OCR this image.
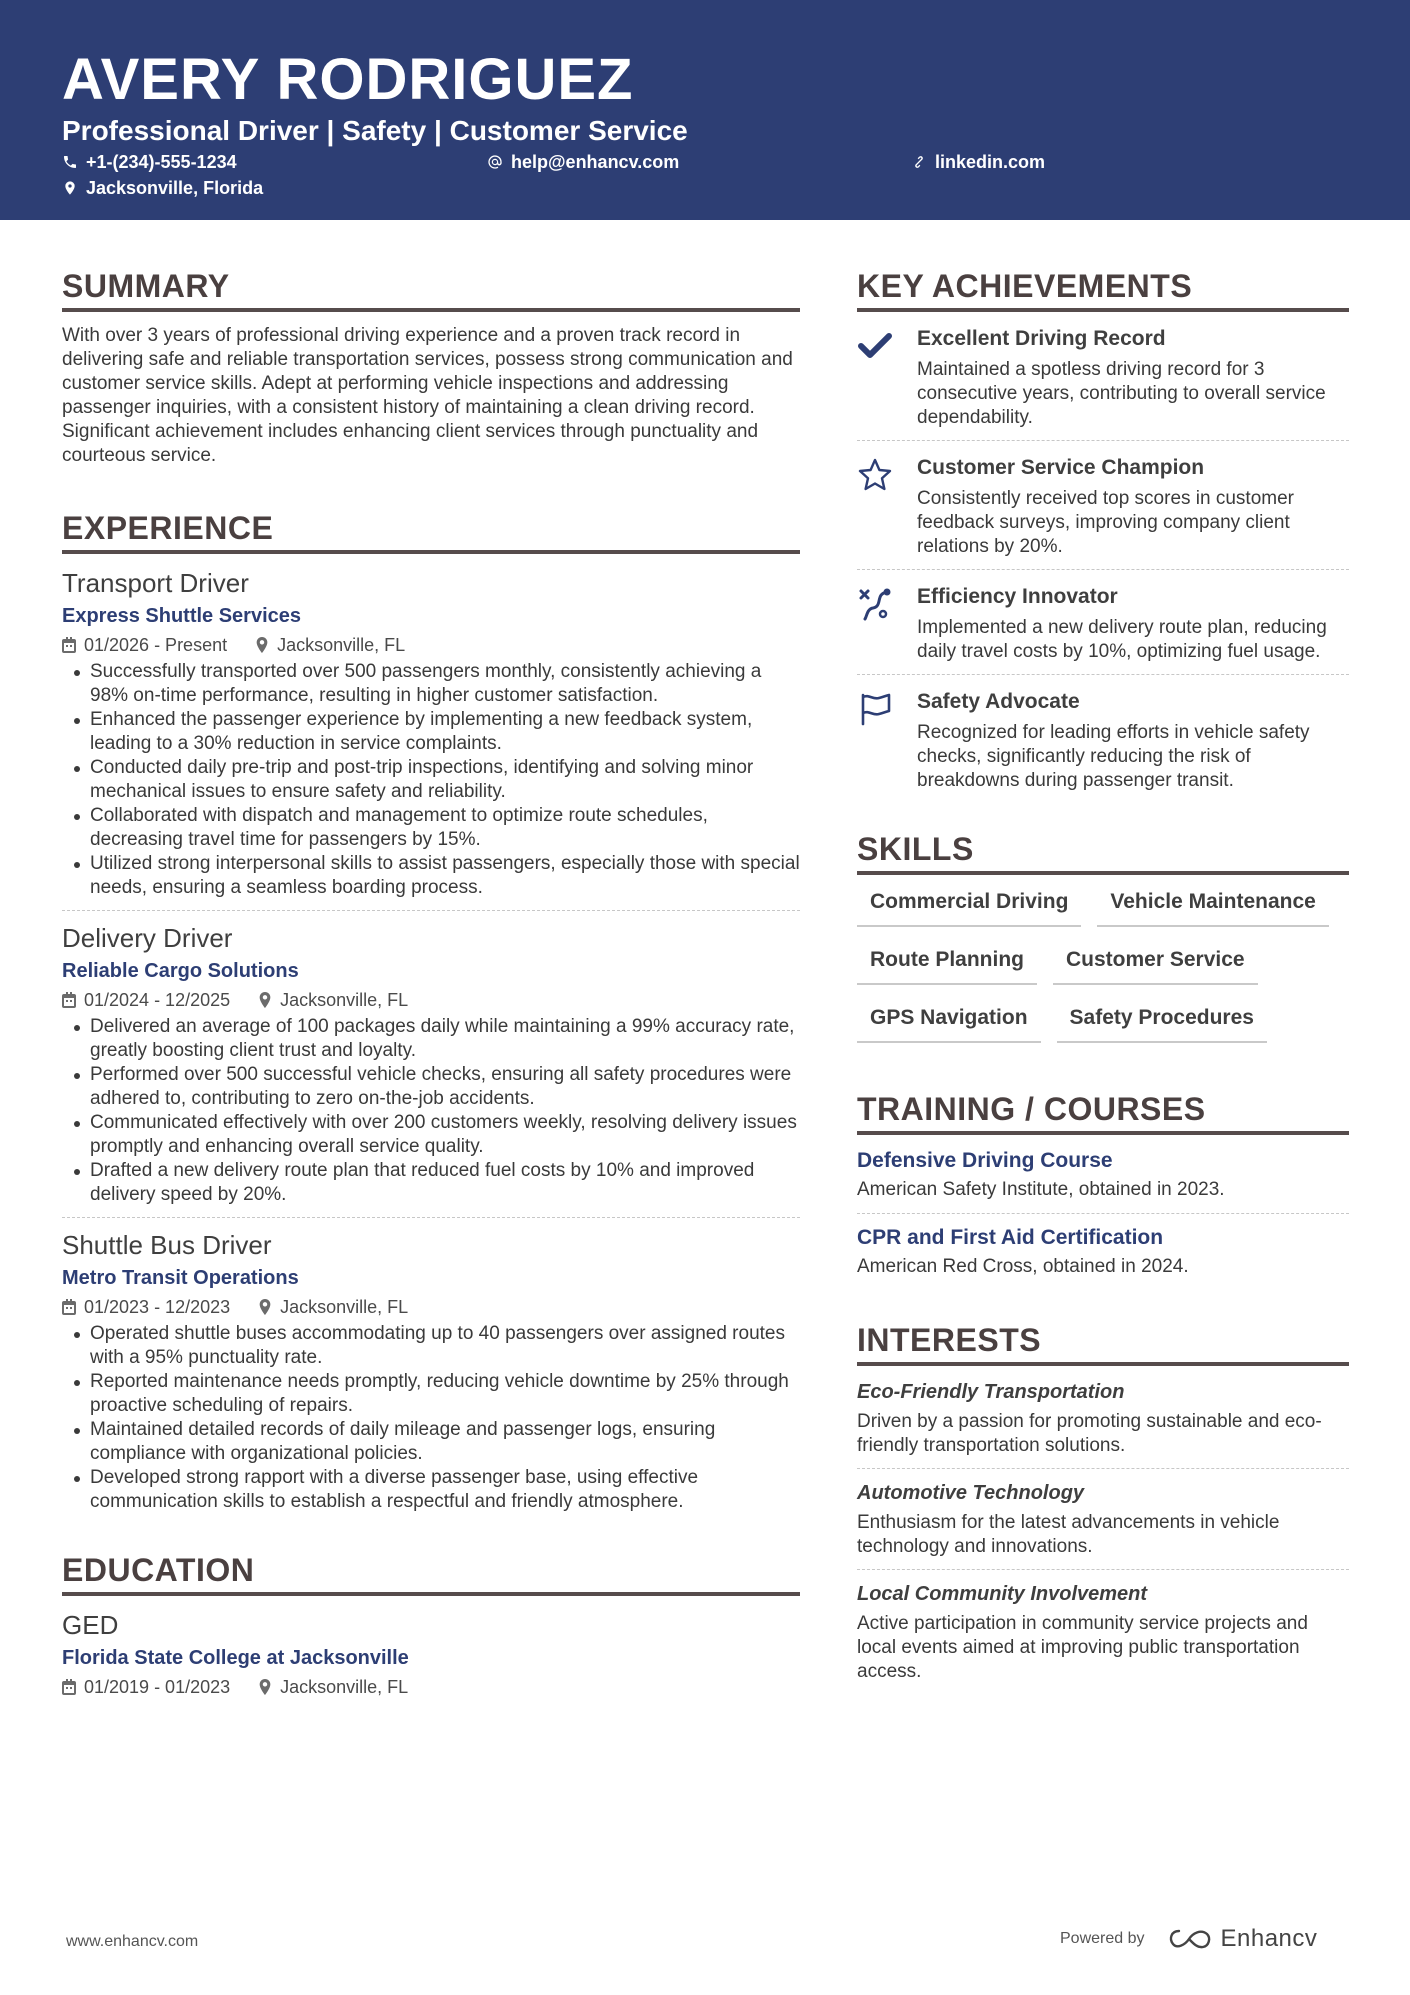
AVERY RODRIGUEZ
Professional Driver | Safety | Customer Service
+1-(234)-555-1234	help@enhancv.com	linkedin.com
Jacksonville, Florida
SUMMARY
With over 3 years of professional driving experience and a proven track record in delivering safe and reliable transportation services, possess strong communication and customer service skills. Adept at performing vehicle inspections and addressing passenger inquiries, with a consistent history of maintaining a clean driving record. Significant achievement includes enhancing client services through punctuality and courteous service.
EXPERIENCE
Transport Driver
Express Shuttle Services
01/2026 - Present	Jacksonville, FL
Successfully transported over 500 passengers monthly, consistently achieving a 98% on-time performance, resulting in higher customer satisfaction.
Enhanced the passenger experience by implementing a new feedback system, leading to a 30% reduction in service complaints.
Conducted daily pre-trip and post-trip inspections, identifying and solving minor mechanical issues to ensure safety and reliability.
Collaborated with dispatch and management to optimize route schedules, decreasing travel time for passengers by 15%.
Utilized strong interpersonal skills to assist passengers, especially those with special needs, ensuring a seamless boarding process.
Delivery Driver
Reliable Cargo Solutions
01/2024 - 12/2025	Jacksonville, FL
Delivered an average of 100 packages daily while maintaining a 99% accuracy rate, greatly boosting client trust and loyalty.
Performed over 500 successful vehicle checks, ensuring all safety procedures were adhered to, contributing to zero on-the-job accidents.
Communicated effectively with over 200 customers weekly, resolving delivery issues promptly and enhancing overall service quality.
Drafted a new delivery route plan that reduced fuel costs by 10% and improved delivery speed by 20%.
Shuttle Bus Driver
Metro Transit Operations
01/2023 - 12/2023	Jacksonville, FL
Operated shuttle buses accommodating up to 40 passengers over assigned routes with a 95% punctuality rate.
Reported maintenance needs promptly, reducing vehicle downtime by 25% through proactive scheduling of repairs.
Maintained detailed records of daily mileage and passenger logs, ensuring compliance with organizational policies.
Developed strong rapport with a diverse passenger base, using effective communication skills to establish a respectful and friendly atmosphere.
EDUCATION
GED
Florida State College at Jacksonville
01/2019 - 01/2023	Jacksonville, FL
KEY ACHIEVEMENTS
Excellent Driving Record
Maintained a spotless driving record for 3 consecutive years, contributing to overall service dependability.
Customer Service Champion
Consistently received top scores in customer feedback surveys, improving company client relations by 20%.
Efficiency Innovator
Implemented a new delivery route plan, reducing daily travel costs by 10%, optimizing fuel usage.
Safety Advocate
Recognized for leading efforts in vehicle safety checks, significantly reducing the risk of breakdowns during passenger transit.
SKILLS
Commercial Driving	Vehicle Maintenance
Route Planning	Customer Service
GPS Navigation	Safety Procedures
TRAINING / COURSES
Defensive Driving Course
American Safety Institute, obtained in 2023.
CPR and First Aid Certification
American Red Cross, obtained in 2024.
INTERESTS
Eco-Friendly Transportation
Driven by a passion for promoting sustainable and eco-friendly transportation solutions.
Automotive Technology
Enthusiasm for the latest advancements in vehicle technology and innovations.
Local Community Involvement
Active participation in community service projects and local events aimed at improving public transportation access.
www.enhancv.com	Powered by	Enhancv
